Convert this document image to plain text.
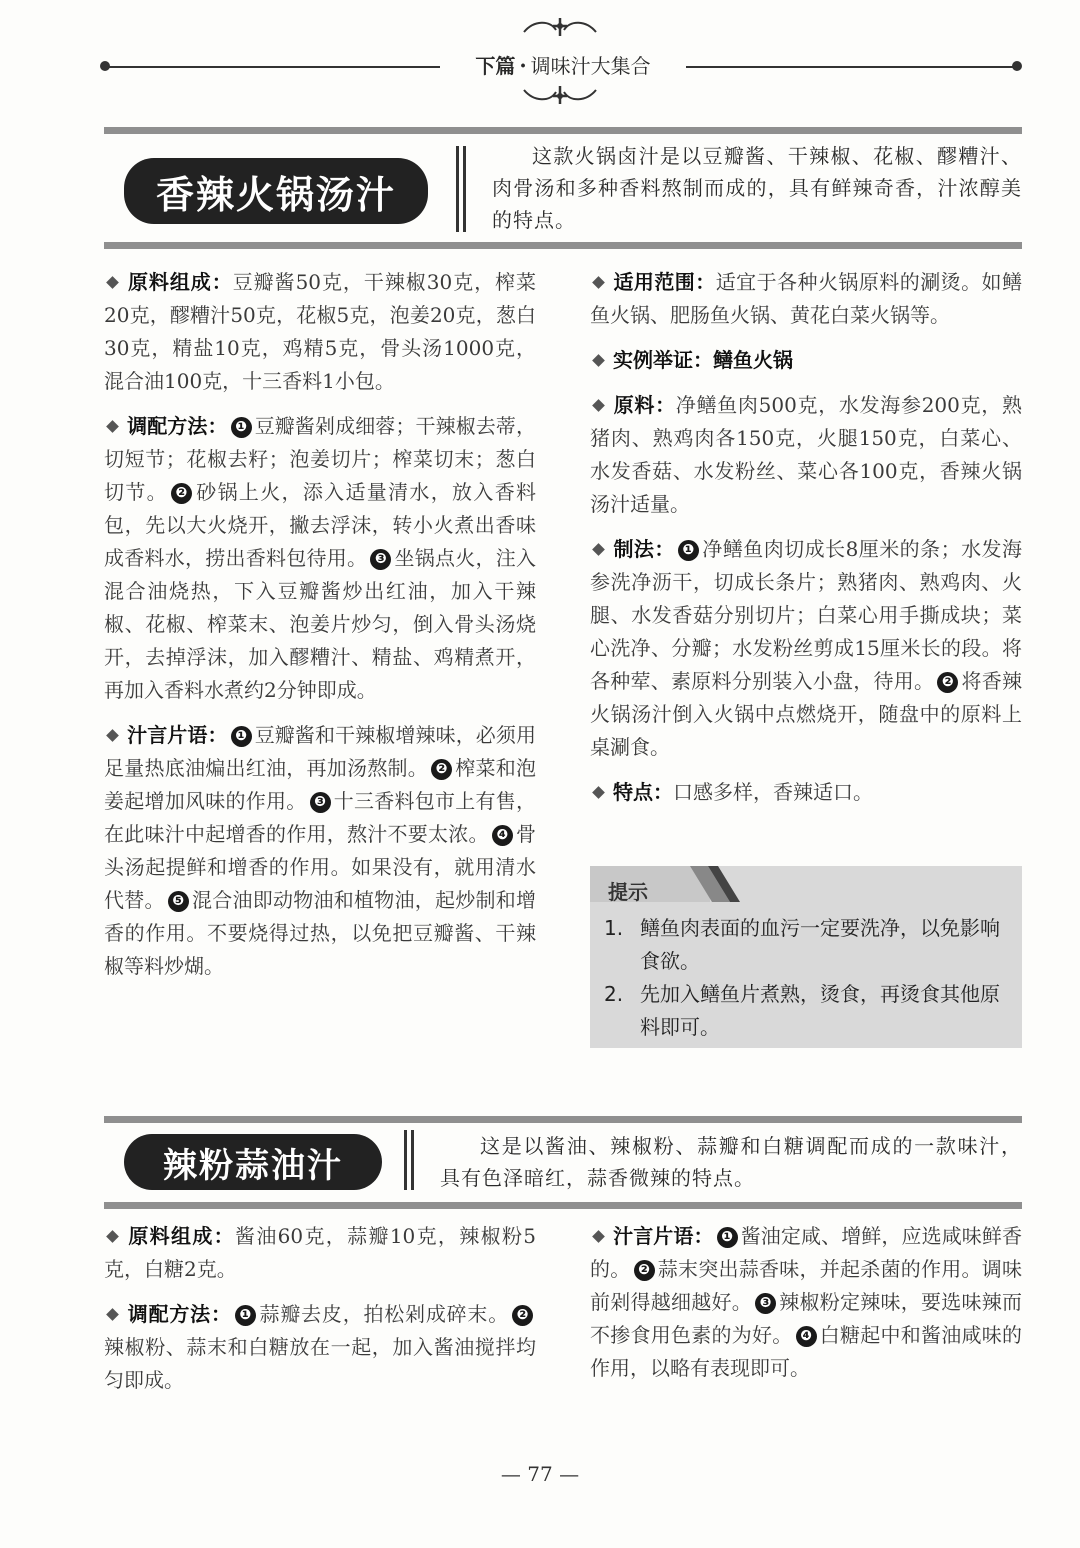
下篇 · 调味汁大集合
香辣火锅汤汁

这款火锅卤汁是以豆瓣酱、干辣椒、花椒、醪糟汁、肉骨汤和多种香料熬制而成的，具有鲜辣奇香，汁浓醇美的特点。

原料组成：豆瓣酱50克，干辣椒30克，榨菜20克，醪糟汁50克，花椒5克，泡姜20克，葱白30克，精盐10克，鸡精5克，骨头汤1000克，混合油100克，十三香料1小包。

调配方法： ❶ 豆瓣酱剁成细蓉；干辣椒去蒂，切短节；花椒去籽；泡姜切片；榨菜切末；葱白切节。 ❷ 砂锅上火，添入适量清水，放入香料包，先以大火烧开，撇去浮沫，转小火煮出香味成香料水，捞出香料包待用。 ❸ 坐锅点火，注入混合油烧热，下入豆瓣酱炒出红油，加入干辣椒、花椒、榨菜末、泡姜片炒匀，倒入骨头汤烧开，去掉浮沫，加入醪糟汁、精盐、鸡精煮开，再加入香料水煮约2分钟即成。

汁言片语： ❶ 豆瓣酱和干辣椒增辣味，必须用足量热底油煸出红油，再加汤熬制。 ❷ 榨菜和泡姜起增加风味的作用。 ❸ 十三香料包市上有售，在此味汁中起增香的作用，熬汁不要太浓。 ❹ 骨头汤起提鲜和增香的作用。如果没有，就用清水代替。 ❺ 混合油即动物油和植物油，起炒制和增香的作用。不要烧得过热，以免把豆瓣酱、干辣椒等料炒煳。

适用范围：适宜于各种火锅原料的涮烫。如鳝鱼火锅、肥肠鱼火锅、黄花白菜火锅等。

实例举证：鳝鱼火锅

原料：净鳝鱼肉500克，水发海参200克，熟猪肉、熟鸡肉各150克，火腿150克，白菜心、水发香菇、水发粉丝、菜心各100克，香辣火锅汤汁适量。

制法： ❶ 净鳝鱼肉切成长8厘米的条；水发海参洗净沥干，切成长条片；熟猪肉、熟鸡肉、火腿、水发香菇分别切片；白菜心用手撕成块；菜心洗净、分瓣；水发粉丝剪成15厘米长的段。将各种荤、素原料分别装入小盘，待用。 ❷ 将香辣火锅汤汁倒入火锅中点燃烧开，随盘中的原料上桌涮食。

特点：口感多样，香辣适口。

提示
1. 鳝鱼肉表面的血污一定要洗净，以免影响食欲。
2. 先加入鳝鱼片煮熟，烫食，再烫食其他原料即可。
辣粉蒜油汁	这是以酱油、辣椒粉、蒜瓣和白糖调配而成的一款味汁，具有色泽暗红，蒜香微辣的特点。

原料组成：酱油60克，蒜瓣10克，辣椒粉5克，白糖2克。

调配方法： ❶ 蒜瓣去皮，拍松剁成碎末。 ❷辣椒粉、蒜末和白糖放在一起，加入酱油搅拌均匀即成。

汁言片语： ❶ 酱油定咸、增鲜，应选咸味鲜香的。 ❷ 蒜末突出蒜香味，并起杀菌的作用。调味前剁得越细越好。 ❸ 辣椒粉定辣味，要选味辣而不掺食用色素的为好。 ❹ 白糖起中和酱油咸味的作用，以略有表现即可。

— 77 —
